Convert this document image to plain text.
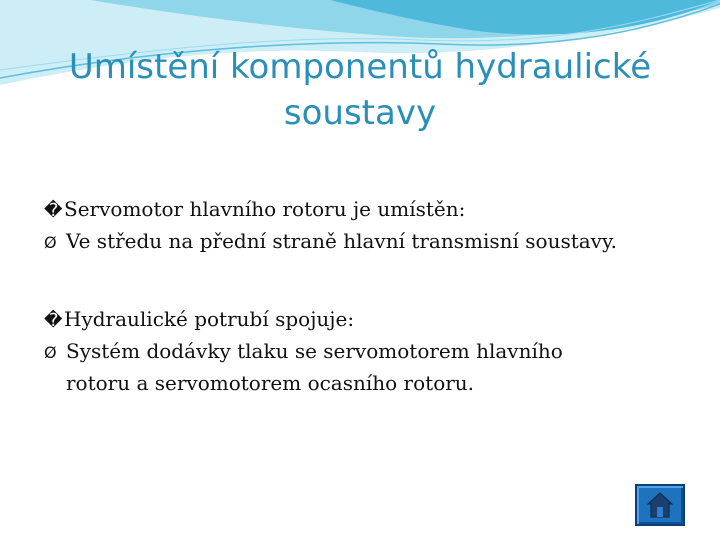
Umístění komponentů hydraulické soustavy
�Servomotor hlavního rotoru je umístěn:
Ø Ve středu na přední straně hlavní transmisní soustavy.
�Hydraulické potrubí spojuje:
Ø Systém dodávky tlaku se servomotorem hlavního
rotoru a servomotorem ocasního rotoru.
